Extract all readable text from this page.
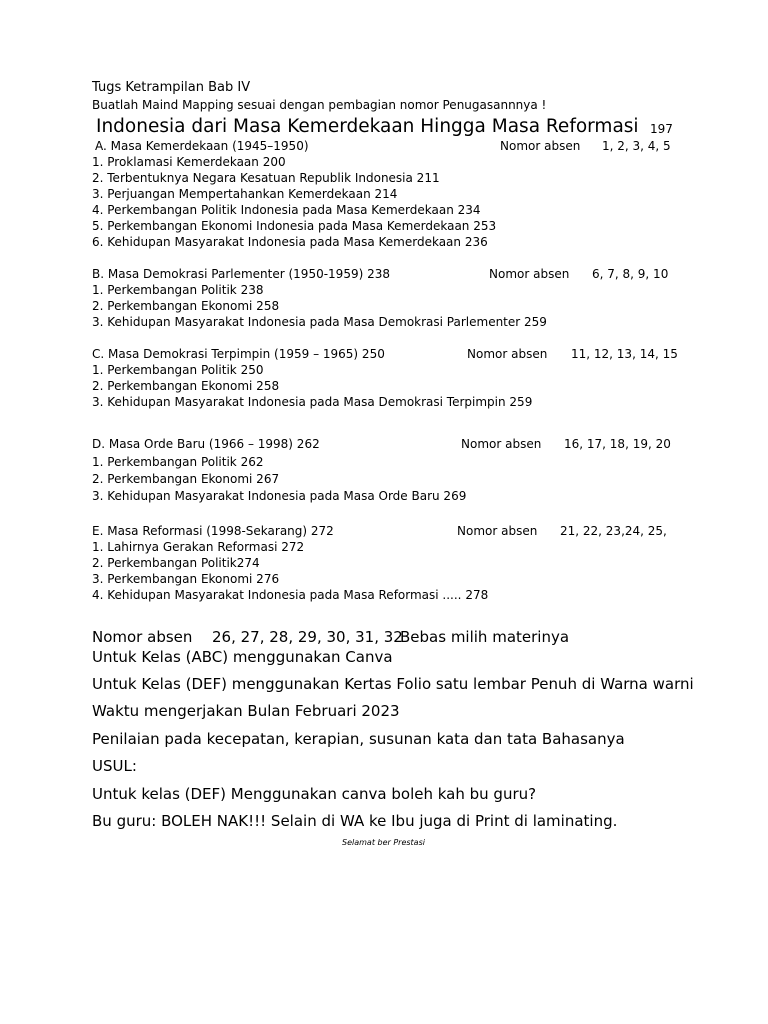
Tugs Ketrampilan Bab IV
Buatlah Maind Mapping sesuai dengan pembagian nomor Penugasannnya !
Indonesia dari Masa Kemerdekaan Hingga Masa Reformasi 197
A. Masa Kemerdekaan (1945–1950)	Nomor absen 1, 2, 3, 4, 5
1. Proklamasi Kemerdekaan 200
2. Terbentuknya Negara Kesatuan Republik Indonesia 211
3. Perjuangan Mempertahankan Kemerdekaan 214
4. Perkembangan Politik Indonesia pada Masa Kemerdekaan 234
5. Perkembangan Ekonomi Indonesia pada Masa Kemerdekaan 253
6. Kehidupan Masyarakat Indonesia pada Masa Kemerdekaan 236
B. Masa Demokrasi Parlementer (1950-1959) 238	Nomor absen 6, 7, 8, 9, 10
1. Perkembangan Politik 238
2. Perkembangan Ekonomi 258
3. Kehidupan Masyarakat Indonesia pada Masa Demokrasi Parlementer 259
C. Masa Demokrasi Terpimpin (1959 – 1965) 250	Nomor absen 11, 12, 13, 14, 15
1. Perkembangan Politik 250
2. Perkembangan Ekonomi 258
3. Kehidupan Masyarakat Indonesia pada Masa Demokrasi Terpimpin 259
D. Masa Orde Baru (1966 – 1998) 262	Nomor absen 16, 17, 18, 19, 20
1. Perkembangan Politik 262
2. Perkembangan Ekonomi 267
3. Kehidupan Masyarakat Indonesia pada Masa Orde Baru 269
E. Masa Reformasi (1998-Sekarang) 272	Nomor absen 21, 22, 23,24, 25,
1. Lahirnya Gerakan Reformasi 272
2. Perkembangan Politik274
3. Perkembangan Ekonomi 276
4. Kehidupan Masyarakat Indonesia pada Masa Reformasi ..... 278
Nomor absen 26, 27, 28, 29, 30, 31, 32
Bebas milih materinya
Untuk Kelas (ABC) menggunakan Canva
Untuk Kelas (DEF) menggunakan Kertas Folio satu lembar Penuh di Warna warni
Waktu mengerjakan Bulan Februari 2023
Penilaian pada kecepatan, kerapian, susunan kata dan tata Bahasanya
USUL:
Untuk kelas (DEF) Menggunakan canva boleh kah bu guru?
Bu guru: BOLEH NAK!!! Selain di WA ke Ibu juga di Print di laminating.
Selamat ber Prestasi
